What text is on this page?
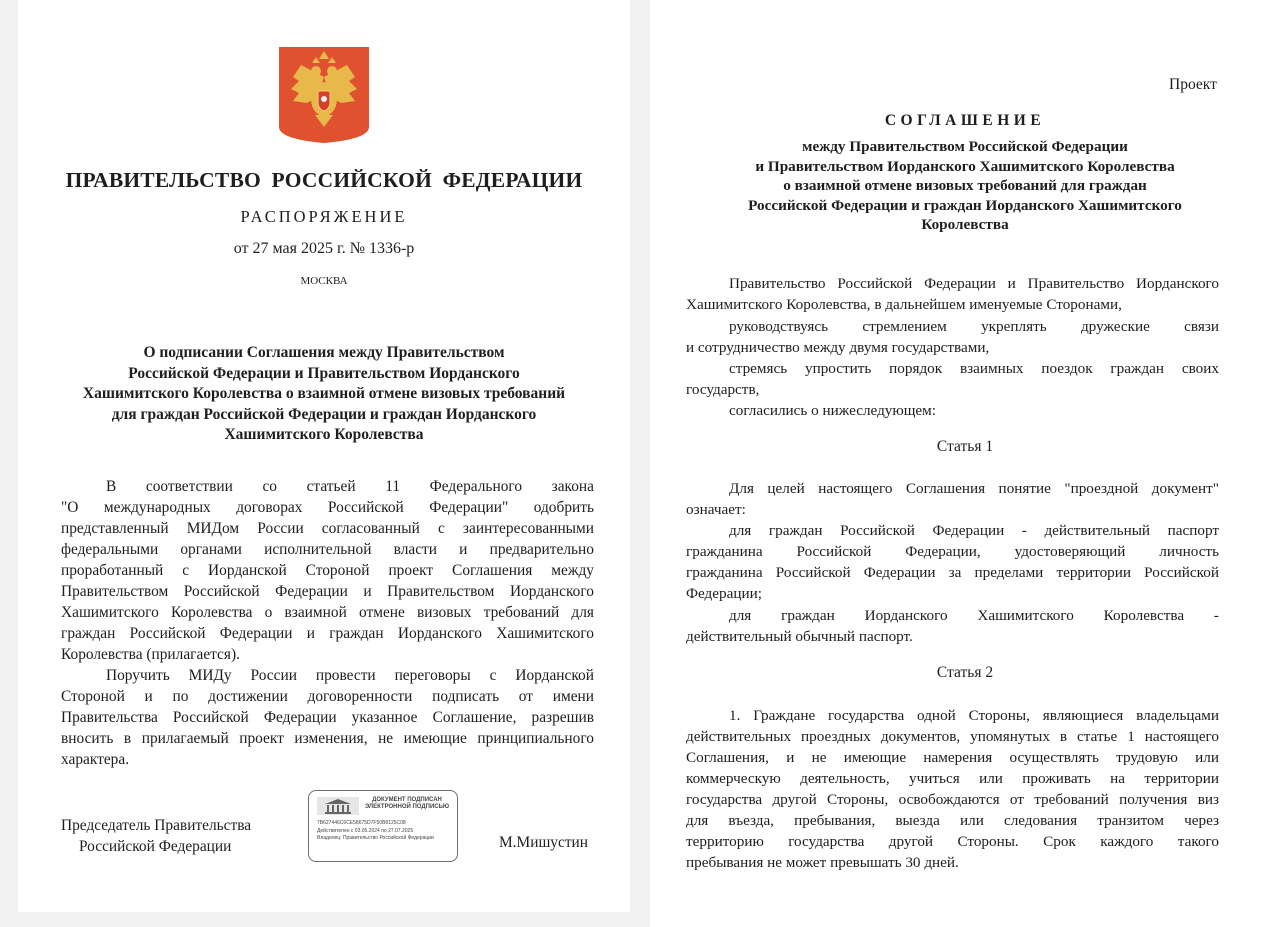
ПРАВИТЕЛЬСТВО РОССИЙСКОЙ ФЕДЕРАЦИИ
РАСПОРЯЖЕНИЕ
от 27 мая 2025 г. № 1336-р
МОСКВА
О подписании Соглашения между Правительством
Российской Федерации и Правительством Иорданского
Хашимитского Королевства о взаимной отмене визовых требований
для граждан Российской Федерации и граждан Иорданского
Хашимитского Королевства
В соответствии со статьей 11 Федерального закона
"О международных договорах Российской Федерации" одобрить
представленный МИДом России согласованный с заинтересованными
федеральными органами исполнительной власти и предварительно
проработанный с Иорданской Стороной проект Соглашения между
Правительством Российской Федерации и Правительством Иорданского
Хашимитского Королевства о взаимной отмене визовых требований для
граждан Российской Федерации и граждан Иорданского Хашимитского
Королевства (прилагается).
Поручить МИДу России провести переговоры с Иорданской
Стороной и по достижении договоренности подписать от имени
Правительства Российской Федерации указанное Соглашение, разрешив
вносить в прилагаемый проект изменения, не имеющие принципиального
характера.
Председатель Правительства
Российской Федерации
ДОКУМЕНТ ПОДПИСАН ЭЛЕКТРОННОЙ ПОДПИСЬЮ
7B627446C6CE58675D7F50B8125C08
Действителен с 03.05.2024 по 27.07.2025
Владелец: Правительство Российской Федерации	М.Мишустин
Проект
СОГЛАШЕНИЕ
между Правительством Российской Федерации
и Правительством Иорданского Хашимитского Королевства
о взаимной отмене визовых требований для граждан
Российской Федерации и граждан Иорданского Хашимитского
Королевства
Правительство Российской Федерации и Правительство Иорданского
Хашимитского Королевства, в дальнейшем именуемые Сторонами,
руководствуясь стремлением укреплять дружеские связи
и сотрудничество между двумя государствами,
стремясь упростить порядок взаимных поездок граждан своих
государств,
согласились о нижеследующем:
Статья 1
Для целей настоящего Соглашения понятие "проездной документ"
означает:
для граждан Российской Федерации - действительный паспорт
гражданина Российской Федерации, удостоверяющий личность
гражданина Российской Федерации за пределами территории Российской
Федерации;
для граждан Иорданского Хашимитского Королевства -
действительный обычный паспорт.
Статья 2
1. Граждане государства одной Стороны, являющиеся владельцами
действительных проездных документов, упомянутых в статье 1 настоящего
Соглашения, и не имеющие намерения осуществлять трудовую или
коммерческую деятельность, учиться или проживать на территории
государства другой Стороны, освобождаются от требований получения виз
для въезда, пребывания, выезда или следования транзитом через
территорию государства другой Стороны. Срок каждого такого
пребывания не может превышать 30 дней.
